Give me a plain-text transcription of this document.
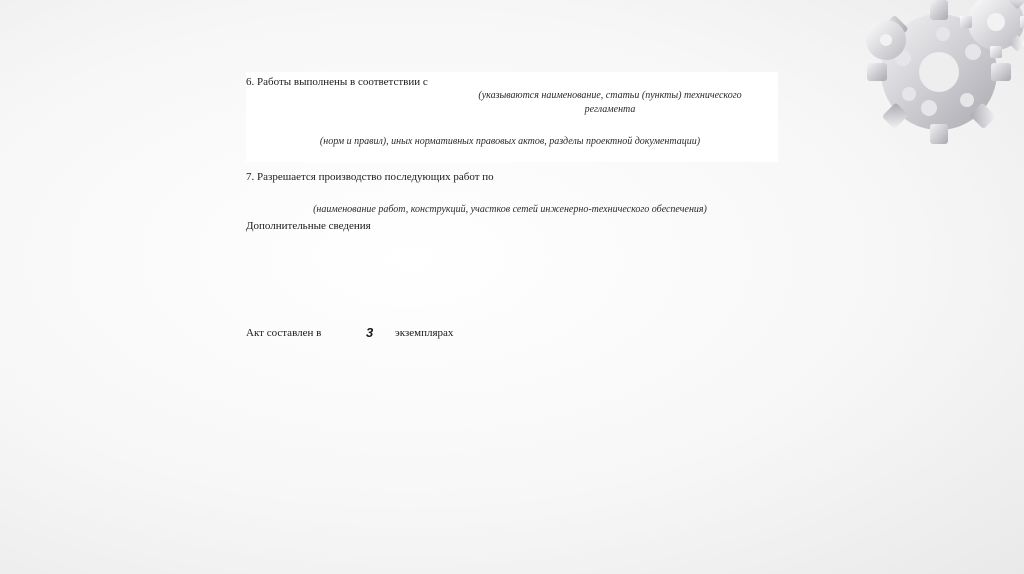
6. Работы выполнены в соответствии с
(указываются наименование, статьи (пункты) технического
регламента
(норм и правил), иных нормативных правовых актов, разделы проектной документации)
7. Разрешается производство последующих работ по
(наименование работ, конструкций, участков сетей инженерно-технического обеспечения)
Дополнительные сведения
Акт составлен в	3 экземплярах
